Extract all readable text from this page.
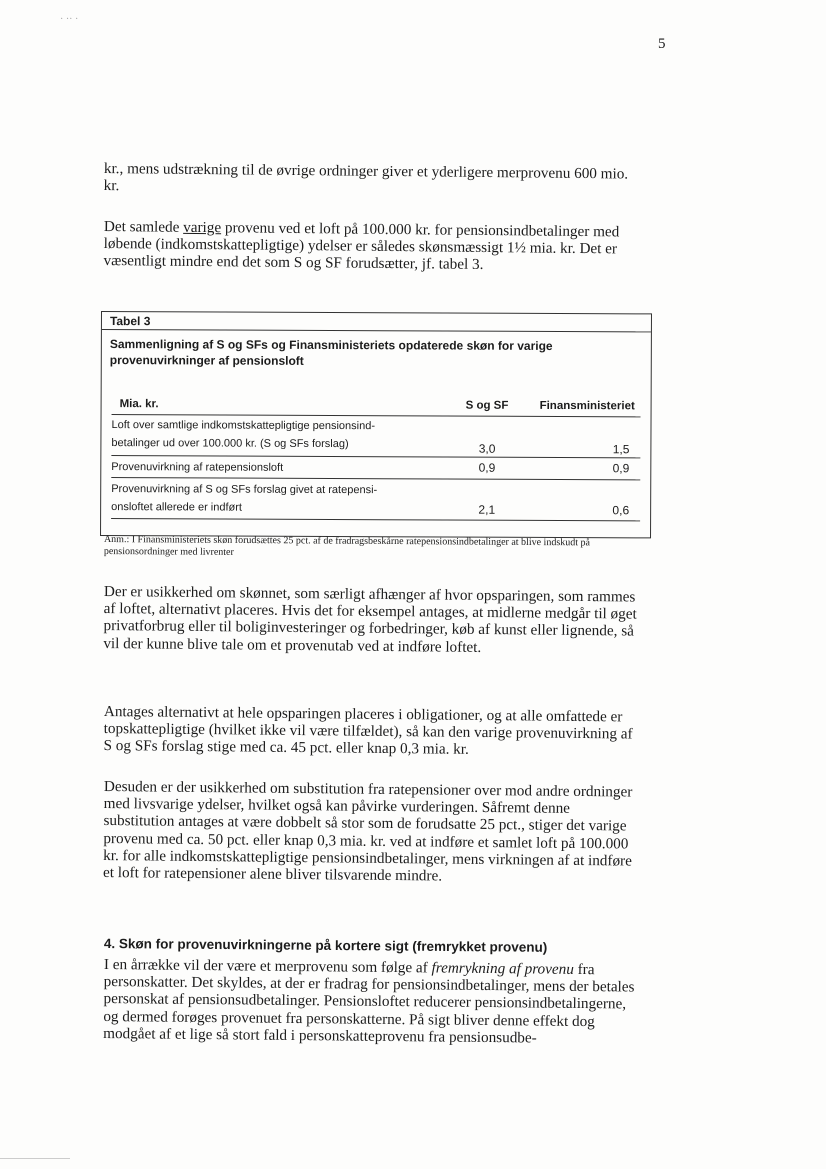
· ·· ·
5

kr., mens udstrækning til de øvrige ordninger giver et yderligere merprovenu 600 mio. kr.

Det samlede varige provenu ved et loft på 100.000 kr. for pensionsindbetalinger med løbende (indkomstskattepligtige) ydelser er således skønsmæssigt 1½ mia. kr. Det er væsentligt mindre end det som S og SF forudsætter, jf. tabel 3.

Tabel 3
Sammenligning af S og SFs og Finansministeriets opdaterede skøn for varige provenuvirkninger af pensionsloft
Mia. kr.	S og SF	Finansministeriet
Loft over samtlige indkomstskattepligtige pensionsind-
betalinger ud over 100.000 kr. (S og SFs forslag)	3,0	1,5
Provenuvirkning af ratepensionsloft	0,9	0,9
Provenuvirkning af S og SFs forslag givet at ratepensi-
onsloftet allerede er indført	2,1	0,6

Anm.: I Finansministeriets skøn forudsættes 25 pct. af de fradragsbeskårne ratepensionsindbetalinger at blive indskudt på pensionsordninger med livrenter

Der er usikkerhed om skønnet, som særligt afhænger af hvor opsparingen, som rammes af loftet, alternativt placeres. Hvis det for eksempel antages, at midlerne medgår til øget privatforbrug eller til boliginvesteringer og forbedringer, køb af kunst eller lignende, så vil der kunne blive tale om et provenutab ved at indføre loftet.

Antages alternativt at hele opsparingen placeres i obligationer, og at alle omfattede er topskattepligtige (hvilket ikke vil være tilfældet), så kan den varige provenuvirkning af S og SFs forslag stige med ca. 45 pct. eller knap 0,3 mia. kr.

Desuden er der usikkerhed om substitution fra ratepensioner over mod andre ordninger med livsvarige ydelser, hvilket også kan påvirke vurderingen. Såfremt denne substitution antages at være dobbelt så stor som de forudsatte 25 pct., stiger det varige provenu med ca. 50 pct. eller knap 0,3 mia. kr. ved at indføre et samlet loft på 100.000 kr. for alle indkomstskattepligtige pensionsindbetalinger, mens virkningen af at indføre et loft for ratepensioner alene bliver tilsvarende mindre.

4. Skøn for provenuvirkningerne på kortere sigt (fremrykket provenu)

I en årrække vil der være et merprovenu som følge af fremrykning af provenu fra personskatter. Det skyldes, at der er fradrag for pensionsindbetalinger, mens der betales personskat af pensionsudbetalinger. Pensionsloftet reducerer pensionsindbetalingerne, og dermed forøges provenuet fra personskatterne. På sigt bliver denne effekt dog modgået af et lige så stort fald i personskatteprovenu fra pensionsudbe-
